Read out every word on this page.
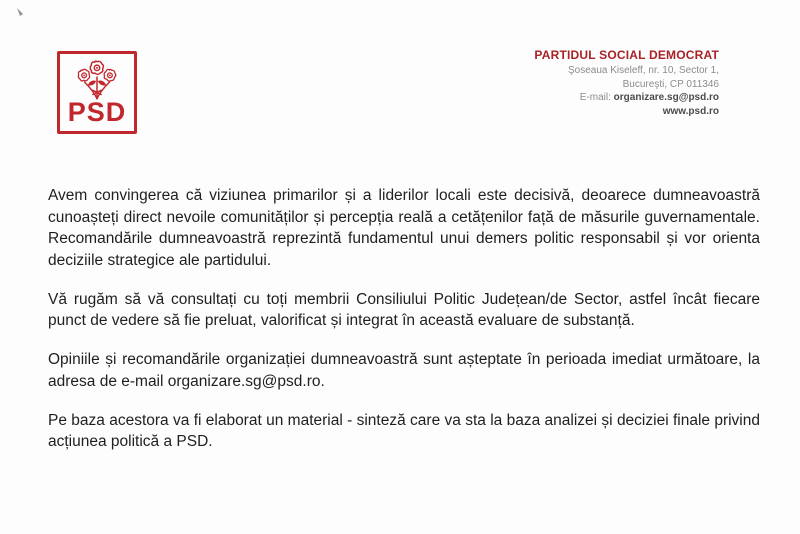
PSD
PARTIDUL SOCIAL DEMOCRAT
Şoseaua Kiseleff, nr. 10, Sector 1,
Bucureşti, CP 011346
E-mail: organizare.sg@psd.ro
www.psd.ro

Avem convingerea că viziunea primarilor și a liderilor locali este decisivă, deoarece dumneavoastră cunoașteți direct nevoile comunităților și percepția reală a cetățenilor față de măsurile guvernamentale. Recomandările dumneavoastră reprezintă fundamentul unui demers politic responsabil și vor orienta deciziile strategice ale partidului.

Vă rugăm să vă consultați cu toți membrii Consiliului Politic Județean/de Sector, astfel încât fiecare punct de vedere să fie preluat, valorificat și integrat în această evaluare de substanță.

Opiniile și recomandările organizației dumneavoastră sunt așteptate în perioada imediat următoare, la adresa de e-mail organizare.sg@psd.ro.

Pe baza acestora va fi elaborat un material - sinteză care va sta la baza analizei și deciziei finale privind acțiunea politică a PSD.
